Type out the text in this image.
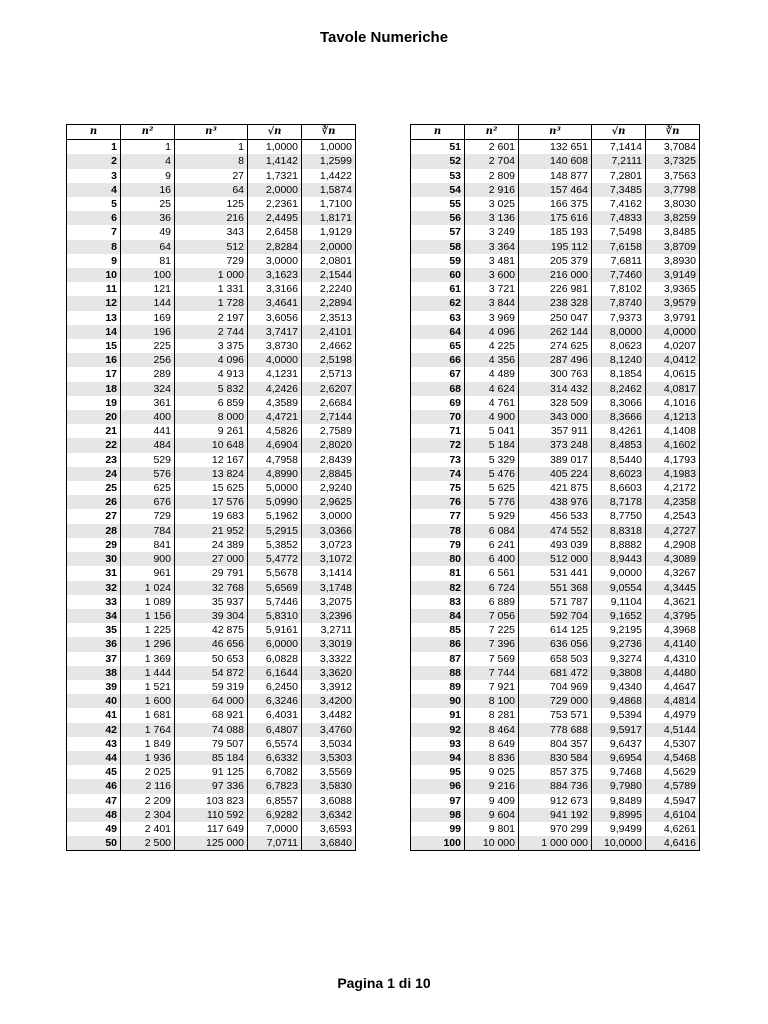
Tavole Numeriche
n	n²	n³	√n	∛n
1	1	1	1,0000	1,0000
2	4	8	1,4142	1,2599
3	9	27	1,7321	1,4422
4	16	64	2,0000	1,5874
5	25	125	2,2361	1,7100
6	36	216	2,4495	1,8171
7	49	343	2,6458	1,9129
8	64	512	2,8284	2,0000
9	81	729	3,0000	2,0801
10	100	1 000	3,1623	2,1544
11	121	1 331	3,3166	2,2240
12	144	1 728	3,4641	2,2894
13	169	2 197	3,6056	2,3513
14	196	2 744	3,7417	2,4101
15	225	3 375	3,8730	2,4662
16	256	4 096	4,0000	2,5198
17	289	4 913	4,1231	2,5713
18	324	5 832	4,2426	2,6207
19	361	6 859	4,3589	2,6684
20	400	8 000	4,4721	2,7144
21	441	9 261	4,5826	2,7589
22	484	10 648	4,6904	2,8020
23	529	12 167	4,7958	2,8439
24	576	13 824	4,8990	2,8845
25	625	15 625	5,0000	2,9240
26	676	17 576	5,0990	2,9625
27	729	19 683	5,1962	3,0000
28	784	21 952	5,2915	3,0366
29	841	24 389	5,3852	3,0723
30	900	27 000	5,4772	3,1072
31	961	29 791	5,5678	3,1414
32	1 024	32 768	5,6569	3,1748
33	1 089	35 937	5,7446	3,2075
34	1 156	39 304	5,8310	3,2396
35	1 225	42 875	5,9161	3,2711
36	1 296	46 656	6,0000	3,3019
37	1 369	50 653	6,0828	3,3322
38	1 444	54 872	6,1644	3,3620
39	1 521	59 319	6,2450	3,3912
40	1 600	64 000	6,3246	3,4200
41	1 681	68 921	6,4031	3,4482
42	1 764	74 088	6,4807	3,4760
43	1 849	79 507	6,5574	3,5034
44	1 936	85 184	6,6332	3,5303
45	2 025	91 125	6,7082	3,5569
46	2 116	97 336	6,7823	3,5830
47	2 209	103 823	6,8557	3,6088
48	2 304	110 592	6,9282	3,6342
49	2 401	117 649	7,0000	3,6593
50	2 500	125 000	7,0711	3,6840
n	n²	n³	√n	∛n
51	2 601	132 651	7,1414	3,7084
52	2 704	140 608	7,2111	3,7325
53	2 809	148 877	7,2801	3,7563
54	2 916	157 464	7,3485	3,7798
55	3 025	166 375	7,4162	3,8030
56	3 136	175 616	7,4833	3,8259
57	3 249	185 193	7,5498	3,8485
58	3 364	195 112	7,6158	3,8709
59	3 481	205 379	7,6811	3,8930
60	3 600	216 000	7,7460	3,9149
61	3 721	226 981	7,8102	3,9365
62	3 844	238 328	7,8740	3,9579
63	3 969	250 047	7,9373	3,9791
64	4 096	262 144	8,0000	4,0000
65	4 225	274 625	8,0623	4,0207
66	4 356	287 496	8,1240	4,0412
67	4 489	300 763	8,1854	4,0615
68	4 624	314 432	8,2462	4,0817
69	4 761	328 509	8,3066	4,1016
70	4 900	343 000	8,3666	4,1213
71	5 041	357 911	8,4261	4,1408
72	5 184	373 248	8,4853	4,1602
73	5 329	389 017	8,5440	4,1793
74	5 476	405 224	8,6023	4,1983
75	5 625	421 875	8,6603	4,2172
76	5 776	438 976	8,7178	4,2358
77	5 929	456 533	8,7750	4,2543
78	6 084	474 552	8,8318	4,2727
79	6 241	493 039	8,8882	4,2908
80	6 400	512 000	8,9443	4,3089
81	6 561	531 441	9,0000	4,3267
82	6 724	551 368	9,0554	4,3445
83	6 889	571 787	9,1104	4,3621
84	7 056	592 704	9,1652	4,3795
85	7 225	614 125	9,2195	4,3968
86	7 396	636 056	9,2736	4,4140
87	7 569	658 503	9,3274	4,4310
88	7 744	681 472	9,3808	4,4480
89	7 921	704 969	9,4340	4,4647
90	8 100	729 000	9,4868	4,4814
91	8 281	753 571	9,5394	4,4979
92	8 464	778 688	9,5917	4,5144
93	8 649	804 357	9,6437	4,5307
94	8 836	830 584	9,6954	4,5468
95	9 025	857 375	9,7468	4,5629
96	9 216	884 736	9,7980	4,5789
97	9 409	912 673	9,8489	4,5947
98	9 604	941 192	9,8995	4,6104
99	9 801	970 299	9,9499	4,6261
100	10 000	1 000 000	10,0000	4,6416
Pagina 1 di 10
